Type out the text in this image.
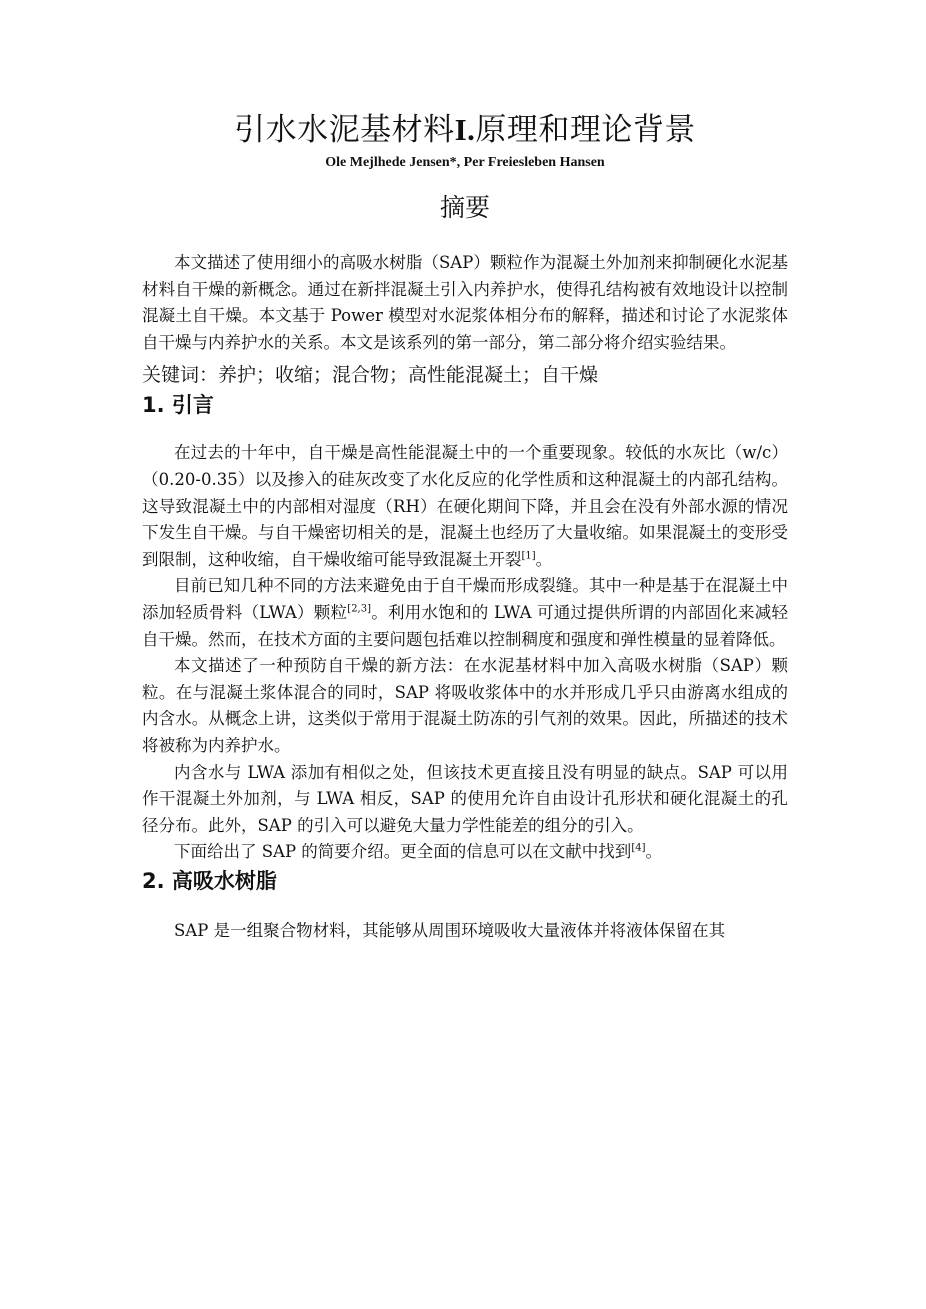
引水水泥基材料I.原理和理论背景
Ole Mejlhede Jensen*, Per Freiesleben Hansen
摘要

本文描述了使用细小的高吸水树脂（SAP）颗粒作为混凝土外加剂来抑制硬化水泥基材料自干燥的新概念。通过在新拌混凝土引入内养护水，使得孔结构被有效地设计以控制混凝土自干燥。本文基于 Power 模型对水泥浆体相分布的解释，描述和讨论了水泥浆体自干燥与内养护水的关系。本文是该系列的第一部分，第二部分将介绍实验结果。

关键词：养护；收缩；混合物；高性能混凝土；自干燥
1. 引言

在过去的十年中，自干燥是高性能混凝土中的一个重要现象。较低的水灰比（w/c）（0.20-0.35）以及掺入的硅灰改变了水化反应的化学性质和这种混凝土的内部孔结构。这导致混凝土中的内部相对湿度（RH）在硬化期间下降，并且会在没有外部水源的情况下发生自干燥。与自干燥密切相关的是，混凝土也经历了大量收缩。如果混凝土的变形受到限制，这种收缩，自干燥收缩可能导致混凝土开裂[1]。

目前已知几种不同的方法来避免由于自干燥而形成裂缝。其中一种是基于在混凝土中添加轻质骨料（LWA）颗粒[2,3]。利用水饱和的 LWA 可通过提供所谓的内部固化来减轻自干燥。然而，在技术方面的主要问题包括难以控制稠度和强度和弹性模量的显着降低。

本文描述了一种预防自干燥的新方法：在水泥基材料中加入高吸水树脂（SAP）颗粒。在与混凝土浆体混合的同时，SAP 将吸收浆体中的水并形成几乎只由游离水组成的内含水。从概念上讲，这类似于常用于混凝土防冻的引气剂的效果。因此，所描述的技术将被称为内养护水。

内含水与 LWA 添加有相似之处，但该技术更直接且没有明显的缺点。SAP 可以用作干混凝土外加剂，与 LWA 相反，SAP 的使用允许自由设计孔形状和硬化混凝土的孔径分布。此外，SAP 的引入可以避免大量力学性能差的组分的引入。

下面给出了 SAP 的简要介绍。更全面的信息可以在文献中找到[4]。

2. 高吸水树脂

SAP 是一组聚合物材料，其能够从周围环境吸收大量液体并将液体保留在其
